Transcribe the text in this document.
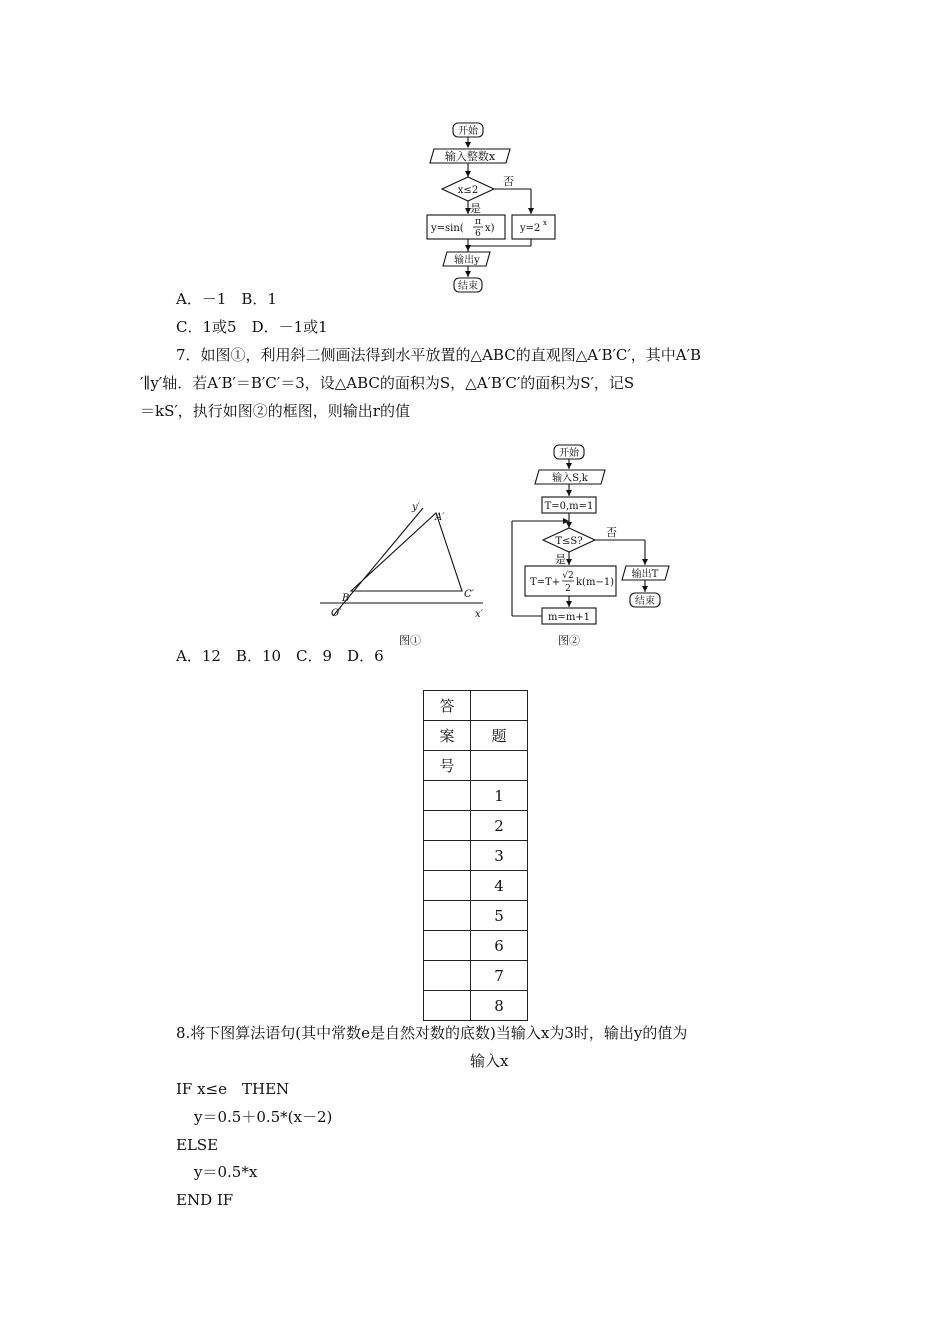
开始
输入整数x
x≤2
否
是
y=sin(
π
6 x)	y=2 x
输出y
结束
A．－1　B．1
C．1或5　D．－1或1
7．如图①，利用斜二侧画法得到水平放置的△ABC的直观图△A′B′C′，其中A′B
′∥y′轴．若A′B′＝B′C′＝3，设△ABC的面积为S，△A′B′C′的面积为S′，记S
＝kS′，执行如图②的框图，则输出r的值
y′
A′
B′	C′
O′	x′
图①
开始
输入S,k
T=0,m=1
T≤S?
否
是
T=T+
√2
2
k(m−1)
输出T
结束
m=m+1
图②
A．12　B．10　C．9　D．6
答	
案	题
号	
	1
	2
	3
	4
	5
	6
	7
	8
8.将下图算法语句(其中常数e是自然对数的底数)当输入x为3时，输出y的值为
输入x
IF x≤e　THEN
y＝0.5＋0.5*(x－2)
ELSE
y＝0.5*x
END IF
